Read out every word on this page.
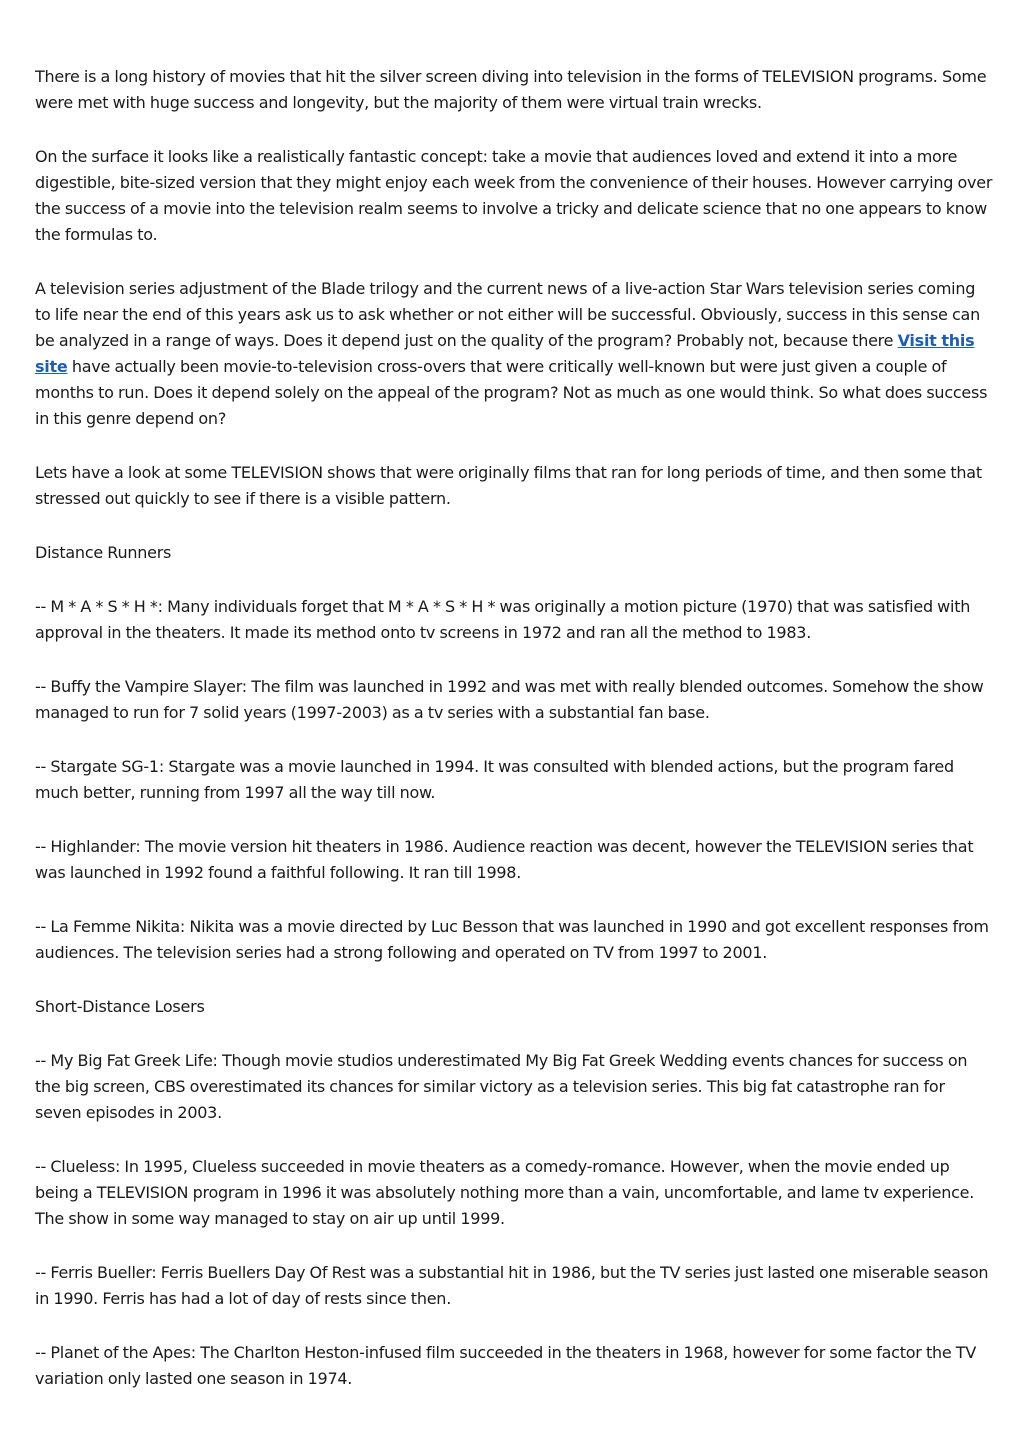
There is a long history of movies that hit the silver screen diving into television in the forms of TELEVISION programs. Some were met with huge success and longevity, but the majority of them were virtual train wrecks.

On the surface it looks like a realistically fantastic concept: take a movie that audiences loved and extend it into a more digestible, bite-sized version that they might enjoy each week from the convenience of their houses. However carrying over the success of a movie into the television realm seems to involve a tricky and delicate science that no one appears to know the formulas to.

A television series adjustment of the Blade trilogy and the current news of a live-action Star Wars television series coming to life near the end of this years ask us to ask whether or not either will be successful. Obviously, success in this sense can be analyzed in a range of ways. Does it depend just on the quality of the program? Probably not, because there Visit this site have actually been movie-to-television cross-overs that were critically well-known but were just given a couple of months to run. Does it depend solely on the appeal of the program? Not as much as one would think. So what does success in this genre depend on?

Lets have a look at some TELEVISION shows that were originally films that ran for long periods of time, and then some that stressed out quickly to see if there is a visible pattern.

Distance Runners

-- M * A * S * H *: Many individuals forget that M * A * S * H * was originally a motion picture (1970) that was satisfied with approval in the theaters. It made its method onto tv screens in 1972 and ran all the method to 1983.

-- Buffy the Vampire Slayer: The film was launched in 1992 and was met with really blended outcomes. Somehow the show managed to run for 7 solid years (1997-2003) as a tv series with a substantial fan base.

-- Stargate SG-1: Stargate was a movie launched in 1994. It was consulted with blended actions, but the program fared much better, running from 1997 all the way till now.

-- Highlander: The movie version hit theaters in 1986. Audience reaction was decent, however the TELEVISION series that was launched in 1992 found a faithful following. It ran till 1998.

-- La Femme Nikita: Nikita was a movie directed by Luc Besson that was launched in 1990 and got excellent responses from audiences. The television series had a strong following and operated on TV from 1997 to 2001.

Short-Distance Losers

-- My Big Fat Greek Life: Though movie studios underestimated My Big Fat Greek Wedding events chances for success on the big screen, CBS overestimated its chances for similar victory as a television series. This big fat catastrophe ran for seven episodes in 2003.

-- Clueless: In 1995, Clueless succeeded in movie theaters as a comedy-romance. However, when the movie ended up being a TELEVISION program in 1996 it was absolutely nothing more than a vain, uncomfortable, and lame tv experience. The show in some way managed to stay on air up until 1999.

-- Ferris Bueller: Ferris Buellers Day Of Rest was a substantial hit in 1986, but the TV series just lasted one miserable season in 1990. Ferris has had a lot of day of rests since then.

-- Planet of the Apes: The Charlton Heston-infused film succeeded in the theaters in 1968, however for some factor the TV variation only lasted one season in 1974.
